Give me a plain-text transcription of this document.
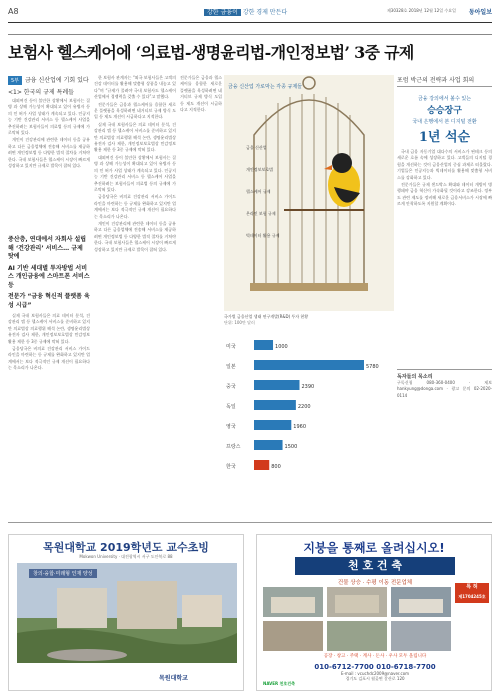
A8	강한 금융이 강한 경제 만든다	제30328호 2018년 12월 12일 수요일 동아일보
보험사 헬스케어에 ‘의료법-생명윤리법-개인정보법’ 3중 규제
5부 금융 신산업에 기회 있다
<1> 한국의 규제 특례들

대외여건 등이 불안한 상황에서 보험사는 질병 과 상해 가능성이 확대되고 있어 유병자 등의 인 허가 사업 상태가 계속되고 있다. 인공지능 기반 건강관리 서비스 등 헬스케어 사업을 추진하려는 보험사들이 의료법 등의 규제에 가로막혀 있다.

개인이 건강관리에 관련한 데이터 등을 공유하고 다른 금융업체에 전송해 서비스를 제공하려면 개인정보법 등 다양한 법적 절차를 거쳐야 한다. 국내 보험사들은 헬스케어 시장이 빠르게 성장하고 있지만 규제로 발목이 잡혀 있다.

중산층, 연대에서 자회사 설립해 ‘건강관리’ 서비스… 규제 탓에
AI 기반 세대별 투자방법 서비스 개인금융에 스마트폰 서비스 등
전문가 “금융 혁신적 플랫폼 육성 시급”

실제 국내 보험사들은 의료 데이터 분석, 건강관리 앱 등 헬스케어 서비스를 준비하고 있지만 의료법상 의료행위 해석 논란, 생명윤리법상 유전자 검사 제한, 개인정보보호법상 민감정보 활용 제한 등 3중 규제에 막혀 있다.

금융당국은 비의료 건강관리 서비스 가이드라인을 마련하는 등 규제를 완화하고 있지만 업계에서는 보다 적극적인 규제 개선이 필요하다는 목소리가 나온다.

한 보험사 관계자는 “외국 보험사들은 고객의 건강 데이터를 활용해 맞춤형 상품을 내놓고 있다”며 “규제가 풀려야 국내 보험사도 헬스케어 산업에서 경쟁력을 갖출 수 있다”고 말했다.

전문가들은 금융과 헬스케어를 융합한 새로운 플랫폼을 육성하려면 네거티브 규제 방식 도입 등 제도 개선이 시급하다고 지적한다.

실제 국내 보험사들은 의료 데이터 분석, 건강관리 앱 등 헬스케어 서비스를 준비하고 있지만 의료법상 의료행위 해석 논란, 생명윤리법상 유전자 검사 제한, 개인정보보호법상 민감정보 활용 제한 등 3중 규제에 막혀 있다.

대외여건 등이 불안한 상황에서 보험사는 질병 과 상해 가능성이 확대되고 있어 유병자 등의 인 허가 사업 상태가 계속되고 있다. 인공지능 기반 건강관리 서비스 등 헬스케어 사업을 추진하려는 보험사들이 의료법 등의 규제에 가로막혀 있다.

금융당국은 비의료 건강관리 서비스 가이드라인을 마련하는 등 규제를 완화하고 있지만 업계에서는 보다 적극적인 규제 개선이 필요하다는 목소리가 나온다.

개인이 건강관리에 관련한 데이터 등을 공유하고 다른 금융업체에 전송해 서비스를 제공하려면 개인정보법 등 다양한 법적 절차를 거쳐야 한다. 국내 보험사들은 헬스케어 시장이 빠르게 성장하고 있지만 규제로 발목이 잡혀 있다.

전문가들은 금융과 헬스케어를 융합한 새로운 플랫폼을 육성하려면 네거티브 규제 방식 도입 등 제도 개선이 시급하다고 지적한다.
금융 신산업 가로막는 각종 규제들
금융 신산업
개인정보보호법
헬스케어 규제
온라인 보험 규제
빅데이터 활용 규제
국가별 금융산업 생태 연구개발(R&D) 투자 현황
단위: 100만 달러
미국	1000
일본	5780
중국	2390
독일	2200
영국	1960
프랑스	1500
한국	800
포럼 박근의 전략과 사업 회의
금융 강의에서 볼수 있는
승승장구
국내 은행에서 본 디지털 전환
1년 석순

국내 금융 자동기업 대다수의 서비스가 핀테크 등의 새로운 흐름 속에 성장하고 있다. 고객들의 디지털 경험을 개선하는 것이 금융산업의 중심 과제로 떠올랐다. 기업들은 인공지능과 빅데이터를 활용해 맞춤형 서비스를 강화하고 있다.

전문가들은 규제 샌드박스 확대와 데이터 개방이 병행돼야 금융 혁신이 가속화될 것이라고 강조한다. 정부도 관련 제도를 정비해 새로운 금융서비스가 시장에 빠르게 안착하도록 지원할 계획이다.

독자들의 목소리
구독신청 080-360-0400 · 제보 hankyung@donga.com · 광고 문의 02-2020-0114
목원대학교 2019학년도 교수초빙
Mokwon University · 대전광역시 서구 도안북로 88
창의·융합·미래형 인재 양성
목원대학교
지붕을 통째로 올려십시오!
천 호 건 축
건물 상승 · 수평 이동 전문업체
특 허
제1704245호
공장 · 창고 · 주택 · 계사 · 돈사 · 우사 모두 올립니다
010-6712-7700 010-6718-7700
E-mail : vcuchdc2009@naver.com
경기도 김포시 월곶면 갈산로 120
NAVER 천호건축
